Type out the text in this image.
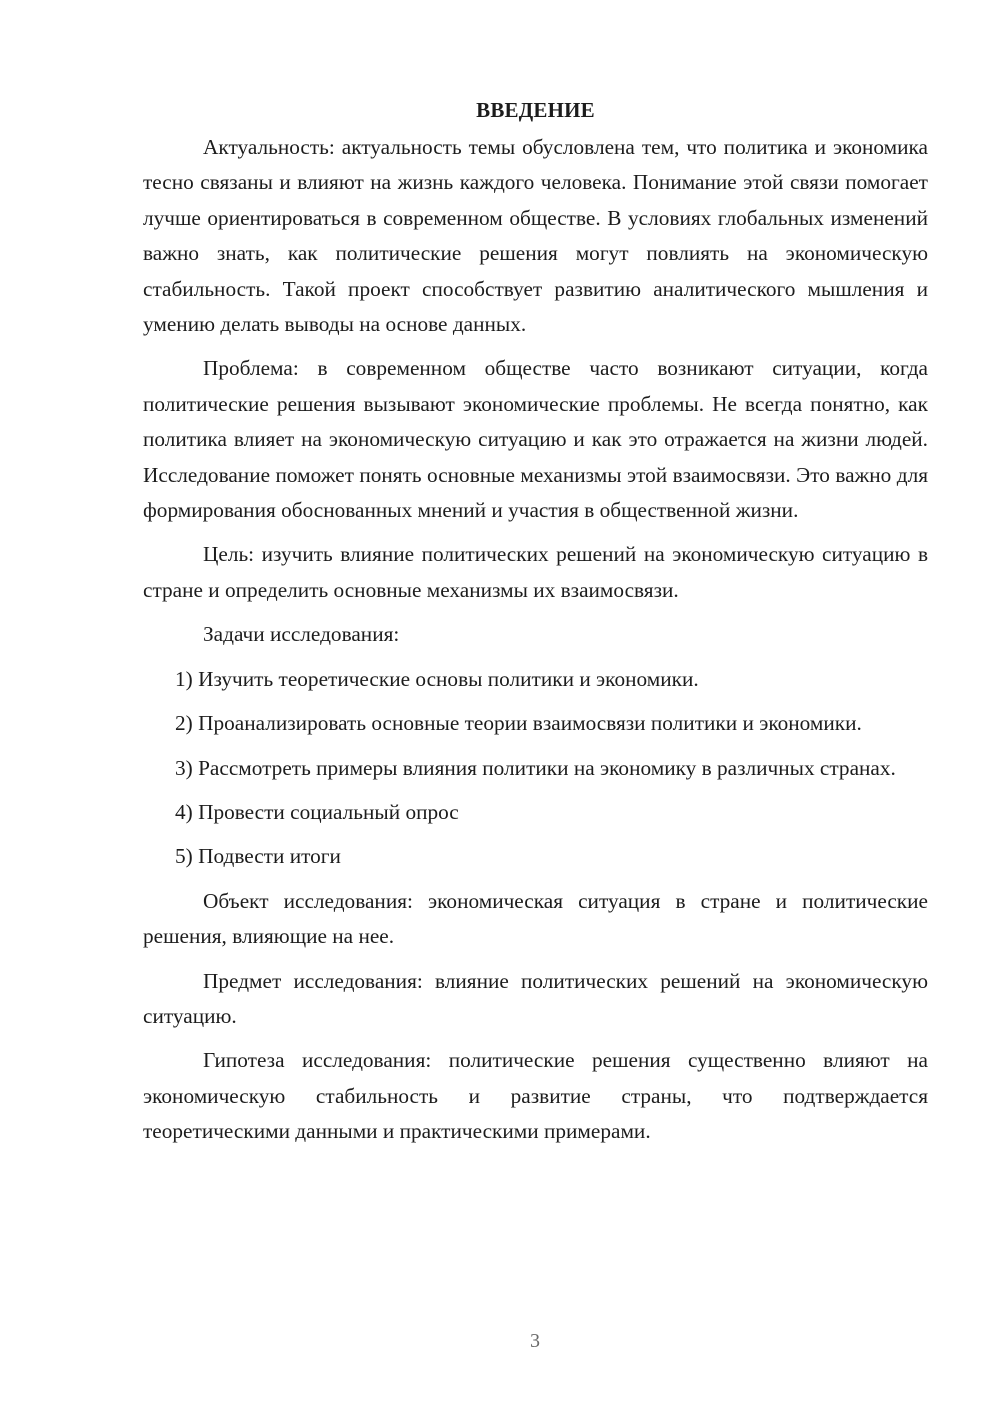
ВВЕДЕНИЕ

Актуальность: актуальность темы обусловлена тем, что политика и экономика тесно связаны и влияют на жизнь каждого человека. Понимание этой связи помогает лучше ориентироваться в современном обществе. В условиях глобальных изменений важно знать, как политические решения могут повлиять на экономическую стабильность. Такой проект способствует развитию аналитического мышления и умению делать выводы на основе данных.

Проблема: в современном обществе часто возникают ситуации, когда политические решения вызывают экономические проблемы. Не всегда понятно, как политика влияет на экономическую ситуацию и как это отражается на жизни людей. Исследование поможет понять основные механизмы этой взаимосвязи. Это важно для формирования обоснованных мнений и участия в общественной жизни.

Цель: изучить влияние политических решений на экономическую ситуацию в стране и определить основные механизмы их взаимосвязи.

Задачи исследования:

1) Изучить теоретические основы политики и экономики.

2) Проанализировать основные теории взаимосвязи политики и экономики.

3) Рассмотреть примеры влияния политики на экономику в различных странах.

4) Провести социальный опрос

5) Подвести итоги

Объект исследования: экономическая ситуация в стране и политические решения, влияющие на нее.

Предмет исследования: влияние политических решений на экономическую ситуацию.

Гипотеза исследования: политические решения существенно влияют на экономическую стабильность и развитие страны, что подтверждается теоретическими данными и практическими примерами.

3
